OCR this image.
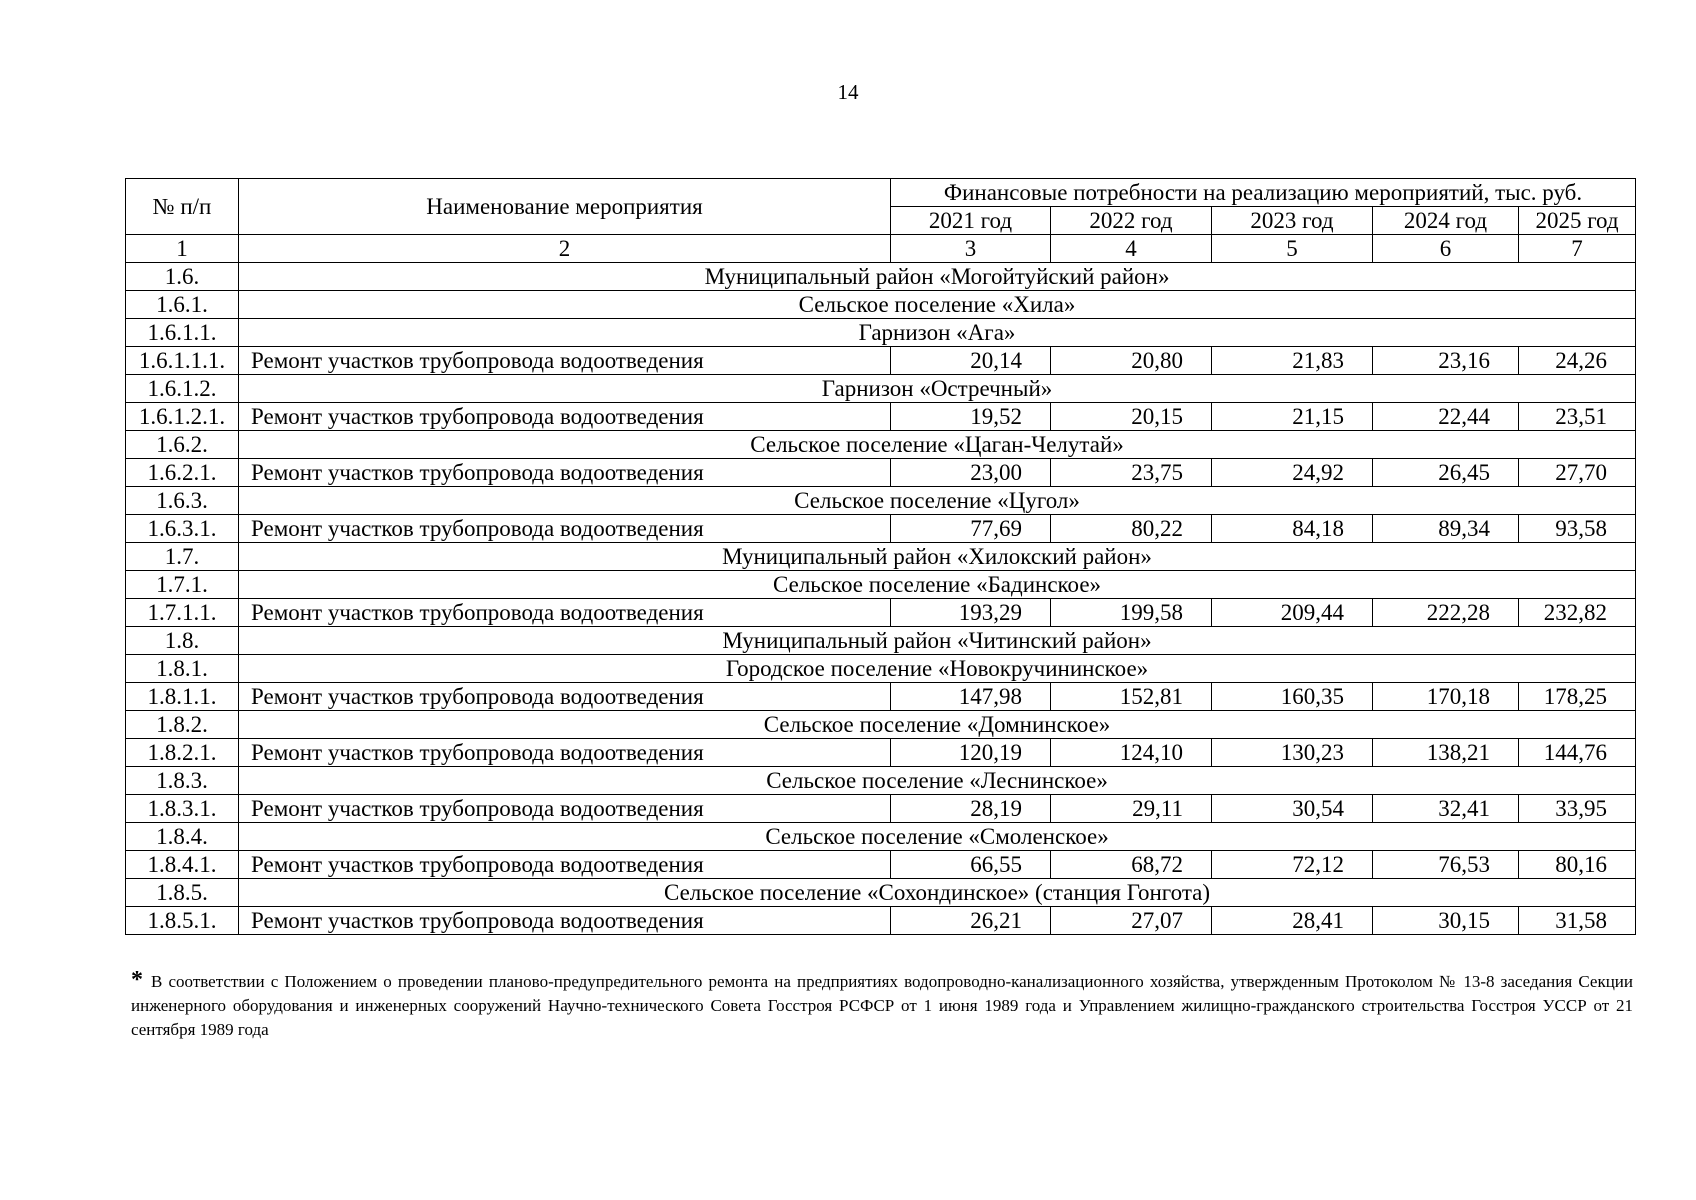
14
№ п/п	Наименование мероприятия	Финансовые потребности на реализацию мероприятий, тыс. руб.				
		2021 год	2022 год	2023 год	2024 год	2025 год
1	2	3	4	5	6	7
1.6.	Муниципальный район «Могойтуйский район»					
1.6.1.	Сельское поселение «Хила»					
1.6.1.1.	Гарнизон «Ага»					
1.6.1.1.1.	Ремонт участков трубопровода водоотведения	20,14	20,80	21,83	23,16	24,26
1.6.1.2.	Гарнизон «Остречный»					
1.6.1.2.1.	Ремонт участков трубопровода водоотведения	19,52	20,15	21,15	22,44	23,51
1.6.2.	Сельское поселение «Цаган-Челутай»					
1.6.2.1.	Ремонт участков трубопровода водоотведения	23,00	23,75	24,92	26,45	27,70
1.6.3.	Сельское поселение «Цугол»					
1.6.3.1.	Ремонт участков трубопровода водоотведения	77,69	80,22	84,18	89,34	93,58
1.7.	Муниципальный район «Хилокский район»					
1.7.1.	Сельское поселение «Бадинское»					
1.7.1.1.	Ремонт участков трубопровода водоотведения	193,29	199,58	209,44	222,28	232,82
1.8.	Муниципальный район «Читинский район»					
1.8.1.	Городское поселение «Новокручининское»					
1.8.1.1.	Ремонт участков трубопровода водоотведения	147,98	152,81	160,35	170,18	178,25
1.8.2.	Сельское поселение «Домнинское»					
1.8.2.1.	Ремонт участков трубопровода водоотведения	120,19	124,10	130,23	138,21	144,76
1.8.3.	Сельское поселение «Леснинское»					
1.8.3.1.	Ремонт участков трубопровода водоотведения	28,19	29,11	30,54	32,41	33,95
1.8.4.	Сельское поселение «Смоленское»					
1.8.4.1.	Ремонт участков трубопровода водоотведения	66,55	68,72	72,12	76,53	80,16
1.8.5.	Сельское поселение «Сохондинское» (станция Гонгота)					
1.8.5.1.	Ремонт участков трубопровода водоотведения	26,21	27,07	28,41	30,15	31,58
* В соответствии с Положением о проведении планово-предупредительного ремонта на предприятиях водопроводно-канализационного хозяйства, утвержденным Протоколом № 13-8 заседания Секции инженерного оборудования и инженерных сооружений Научно-технического Совета Госстроя РСФСР от 1 июня 1989 года и Управлением жилищно-гражданского строительства Госстроя УССР от 21 сентября 1989 года
